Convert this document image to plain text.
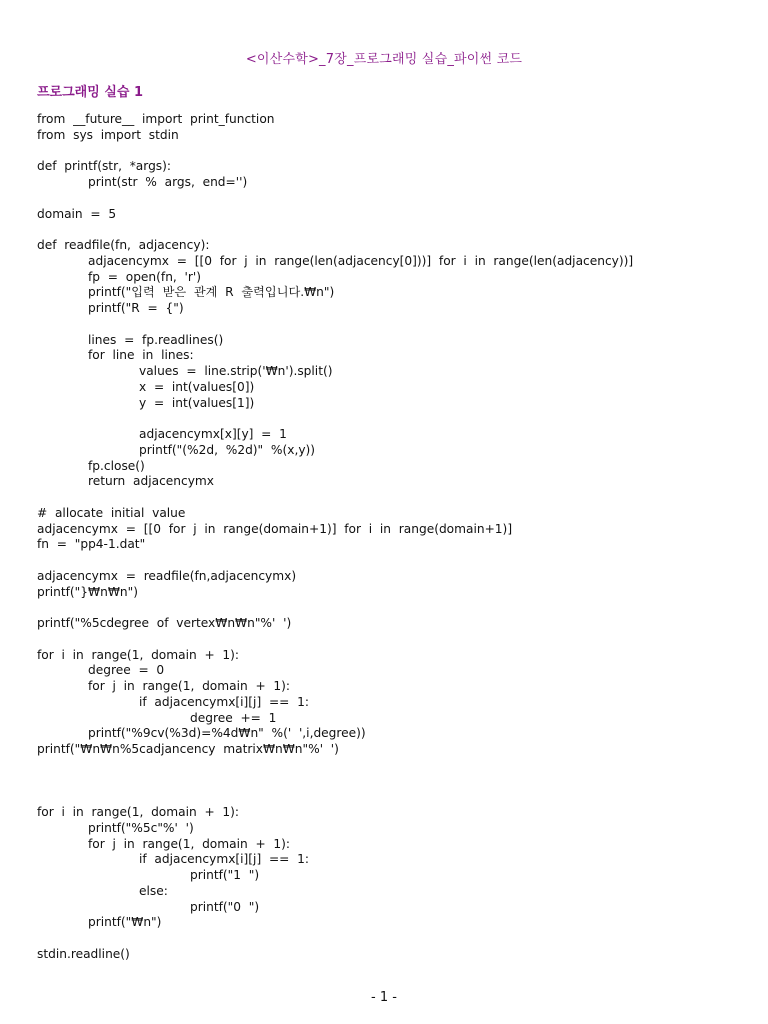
<이산수학>_7장_프로그래밍 실습_파이썬 코드
프로그래밍 실습 1
from  __future__  import  print_function
from  sys  import  stdin
def  printf(str,  *args):
print(str  %  args,  end='')
domain  =  5
def  readfile(fn,  adjacency):
adjacencymx  =  [[0  for  j  in  range(len(adjacency[0]))]  for  i  in  range(len(adjacency))]
fp  =  open(fn,  'r')
printf("입력  받은  관계  R  출력입니다.₩n")
printf("R  =  {")
lines  =  fp.readlines()
for  line  in  lines:
values  =  line.strip('₩n').split()
x  =  int(values[0])
y  =  int(values[1])
adjacencymx[x][y]  =  1
printf("(%2d,  %2d)"  %(x,y))
fp.close()
return  adjacencymx
#  allocate  initial  value
adjacencymx  =  [[0  for  j  in  range(domain+1)]  for  i  in  range(domain+1)]
fn  =  "pp4-1.dat"
adjacencymx  =  readfile(fn,adjacencymx)
printf("}₩n₩n")
printf("%5cdegree  of  vertex₩n₩n"%'  ')
for  i  in  range(1,  domain  +  1):
degree  =  0
for  j  in  range(1,  domain  +  1):
if  adjacencymx[i][j]  ==  1:
degree  +=  1
printf("%9cv(%3d)=%4d₩n"  %('  ',i,degree))
printf("₩n₩n%5cadjancency  matrix₩n₩n"%'  ')
for  i  in  range(1,  domain  +  1):
printf("%5c"%'  ')
for  j  in  range(1,  domain  +  1):
if  adjacencymx[i][j]  ==  1:
printf("1  ")
else:
printf("0  ")
printf("₩n")
stdin.readline()
- 1 -
